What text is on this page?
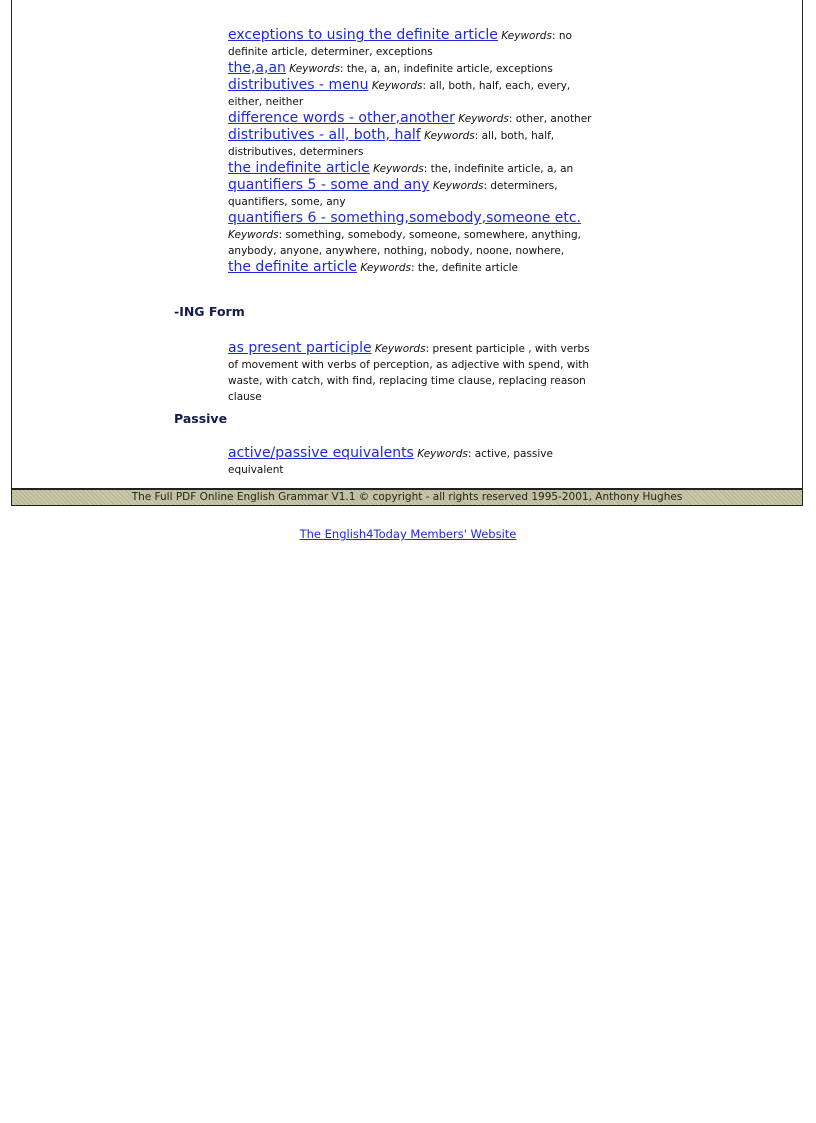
exceptions to using the definite article Keywords: no definite article, determiner, exceptions
the,a,an Keywords: the, a, an, indefinite article, exceptions
distributives - menu Keywords: all, both, half, each, every, either, neither
difference words - other,another Keywords: other, another
distributives - all, both, half Keywords: all, both, half, distributives, determiners
the indefinite article Keywords: the, indefinite article, a, an
quantifiers 5 - some and any Keywords: determiners, quantifiers, some, any
quantifiers 6 - something,somebody,someone etc. Keywords: something, somebody, someone, somewhere, anything, anybody, anyone, anywhere, nothing, nobody, noone, nowhere,
the definite article Keywords: the, definite article
-ING Form
as present participle Keywords: present participle , with verbs of movement with verbs of perception, as adjective with spend, with waste, with catch, with find, replacing time clause, replacing reason clause
Passive
active/passive equivalents Keywords: active, passive equivalent
The Full PDF Online English Grammar V1.1 © copyright - all rights reserved 1995-2001, Anthony Hughes
The English4Today Members' Website
